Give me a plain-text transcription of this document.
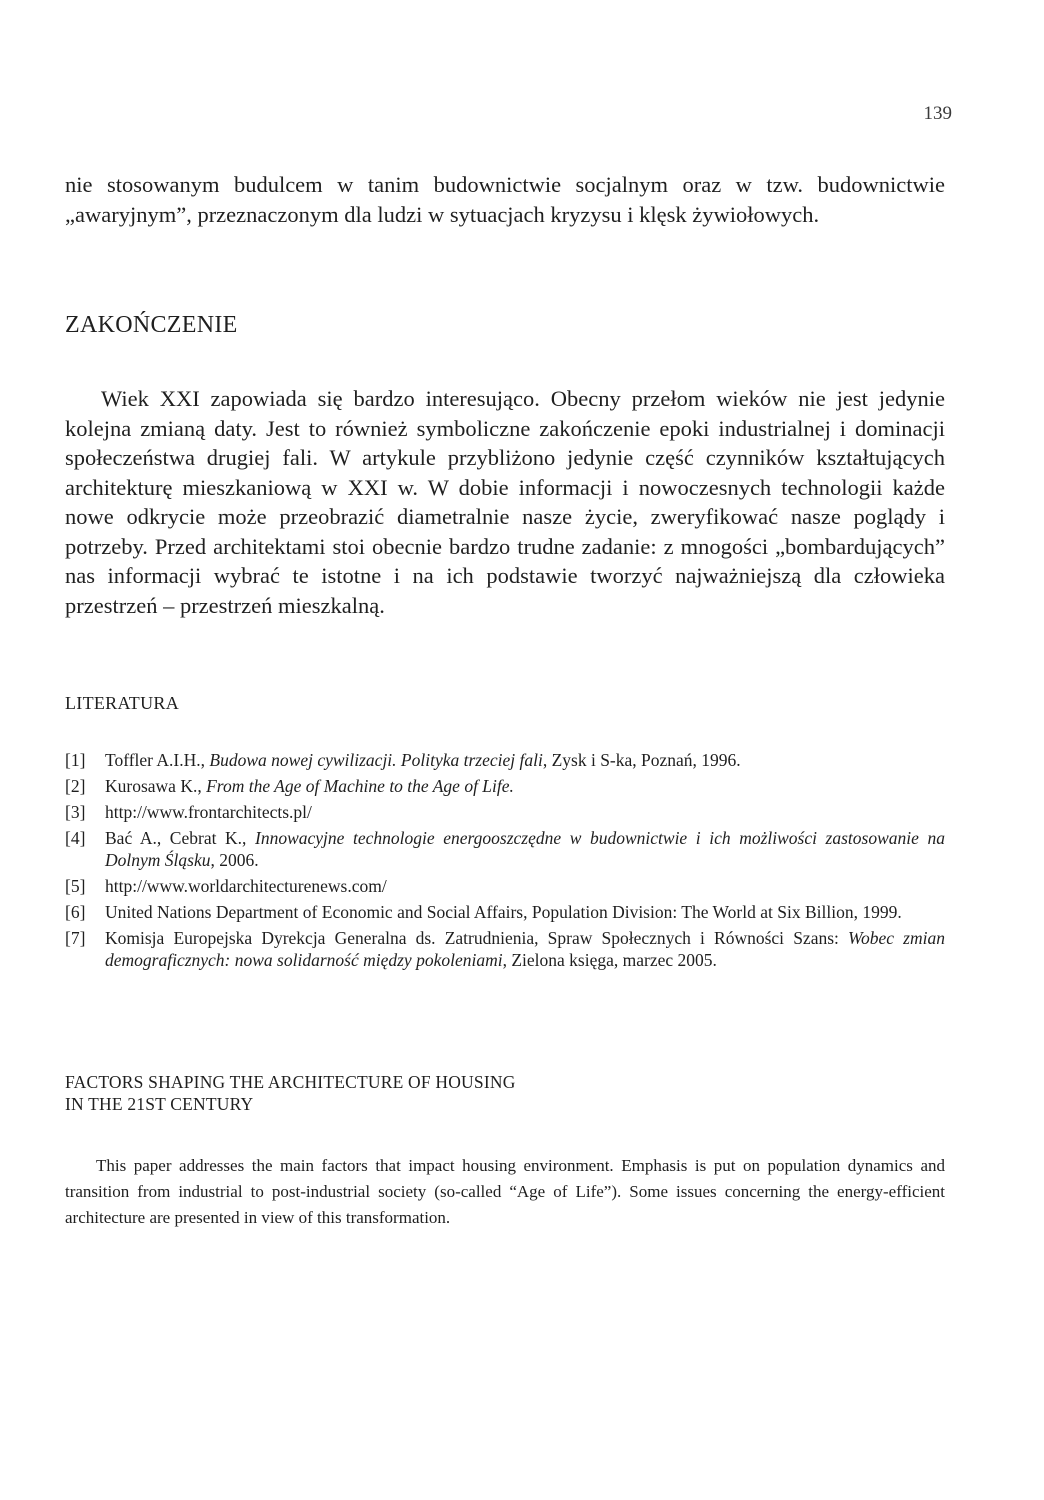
139

nie stosowanym budulcem w tanim budownictwie socjalnym oraz w tzw. budownictwie „awaryjnym”, przeznaczonym dla ludzi w sytuacjach kryzysu i klęsk żywiołowych.

ZAKOŃCZENIE

Wiek XXI zapowiada się bardzo interesująco. Obecny przełom wieków nie jest jedynie kolejna zmianą daty. Jest to również symboliczne zakończenie epoki industrialnej i dominacji społeczeństwa drugiej fali. W artykule przybliżono jedynie część czynników kształtujących architekturę mieszkaniową w XXI w. W dobie informacji i nowoczesnych technologii każde nowe odkrycie może przeobrazić diametralnie nasze życie, zweryfikować nasze poglądy i potrzeby. Przed architektami stoi obecnie bardzo trudne zadanie: z mnogości „bombardujących” nas informacji wybrać te istotne i na ich podstawie tworzyć najważniejszą dla człowieka przestrzeń – przestrzeń mieszkalną.

LITERATURA
[1]	Toffler A.I.H., Budowa nowej cywilizacji. Polityka trzeciej fali, Zysk i S-ka, Poznań, 1996.
[2]	Kurosawa K., From the Age of Machine to the Age of Life.
[3]	http://www.frontarchitects.pl/
[4]	Bać A., Cebrat K., Innowacyjne technologie energooszczędne w budownictwie i ich możliwości zastosowanie na Dolnym Śląsku, 2006.
[5]	http://www.worldarchitecturenews.com/
[6]	United Nations Department of Economic and Social Affairs, Population Division: The World at Six Billion, 1999.
[7]	Komisja Europejska Dyrekcja Generalna ds. Zatrudnienia, Spraw Społecznych i Równości Szans: Wobec zmian demograficznych: nowa solidarność między pokoleniami, Zielona księga, marzec 2005.
FACTORS SHAPING THE ARCHITECTURE OF HOUSING
IN THE 21ST CENTURY

This paper addresses the main factors that impact housing environment. Emphasis is put on population dynamics and transition from industrial to post-industrial society (so-called “Age of Life”). Some issues concerning the energy-efficient architecture are presented in view of this transformation.
